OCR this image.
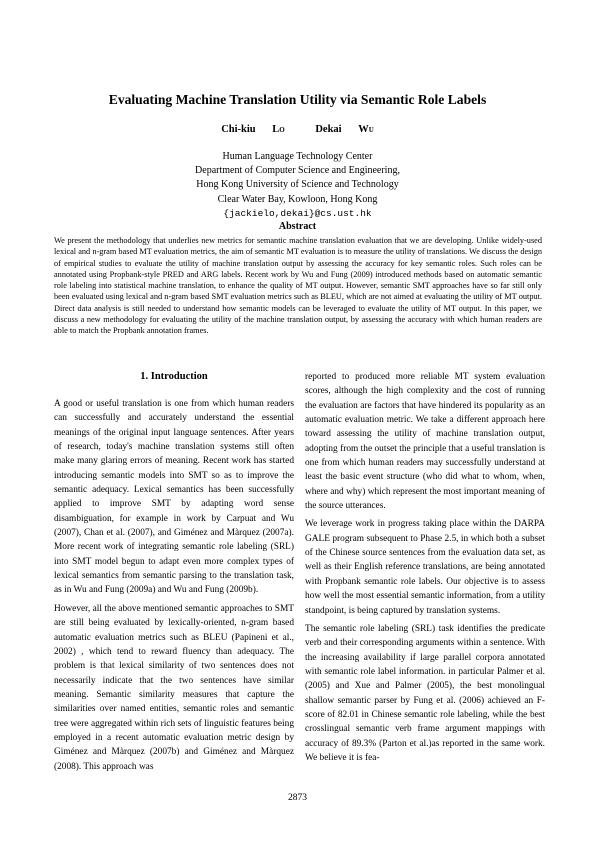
Evaluating Machine Translation Utility via Semantic Role Labels
Chi-kiu Lo	Dekai Wu
Human Language Technology Center
Department of Computer Science and Engineering,
Hong Kong University of Science and Technology
Clear Water Bay, Kowloon, Hong Kong
{jackielo,dekai}@cs.ust.hk
Abstract
We present the methodology that underlies new metrics for semantic machine translation evaluation that we are developing. Unlike widely-used lexical and n-gram based MT evaluation metrics, the aim of semantic MT evaluation is to measure the utility of translations. We discuss the design of empirical studies to evaluate the utility of machine translation output by assessing the accuracy for key semantic roles. Such roles can be annotated using Propbank-style PRED and ARG labels. Recent work by Wu and Fung (2009) introduced methods based on automatic semantic role labeling into statistical machine translation, to enhance the quality of MT output. However, semantic SMT approaches have so far still only been evaluated using lexical and n-gram based SMT evaluation metrics such as BLEU, which are not aimed at evaluating the utility of MT output. Direct data analysis is still needed to understand how semantic models can be leveraged to evaluate the utility of MT output. In this paper, we discuss a new methodology for evaluating the utility of the machine translation output, by assessing the accuracy with which human readers are able to match the Propbank annotation frames.
1. Introduction

A good or useful translation is one from which human readers can successfully and accurately understand the essential meanings of the original input language sentences. After years of research, today's machine translation systems still often make many glaring errors of meaning. Recent work has started introducing semantic models into SMT so as to improve the semantic adequacy. Lexical semantics has been successfully applied to improve SMT by adapting word sense disambiguation, for example in work by Carpuat and Wu (2007), Chan et al. (2007), and Giménez and Màrquez (2007a). More recent work of integrating semantic role labeling (SRL) into SMT model begun to adapt even more complex types of lexical semantics from semantic parsing to the translation task, as in Wu and Fung (2009a) and Wu and Fung (2009b).

However, all the above mentioned semantic approaches to SMT are still being evaluated by lexically-oriented, n-gram based automatic evaluation metrics such as BLEU (Papineni et al., 2002) , which tend to reward fluency than adequacy. The problem is that lexical similarity of two sentences does not necessarily indicate that the two sentences have similar meaning. Semantic similarity measures that capture the similarities over named entities, semantic roles and semantic tree were aggregated within rich sets of linguistic features being employed in a recent automatic evaluation metric design by Giménez and Màrquez (2007b) and Giménez and Màrquez (2008). This approach was

reported to produced more reliable MT system evaluation scores, although the high complexity and the cost of running the evaluation are factors that have hindered its popularity as an automatic evaluation metric. We take a different approach here toward assessing the utility of machine translation output, adopting from the outset the principle that a useful translation is one from which human readers may successfully understand at least the basic event structure (who did what to whom, when, where and why) which represent the most important meaning of the source utterances.

We leverage work in progress taking place within the DARPA GALE program subsequent to Phase 2.5, in which both a subset of the Chinese source sentences from the evaluation data set, as well as their English reference translations, are being annotated with Propbank semantic role labels. Our objective is to assess how well the most essential semantic information, from a utility standpoint, is being captured by translation systems.

The semantic role labeling (SRL) task identifies the predicate verb and their corresponding arguments within a sentence. With the increasing availability if large parallel corpora annotated with semantic role label information. in particular Palmer et al. (2005) and Xue and Palmer (2005), the best monolingual shallow semantic parser by Fung et al. (2006) achieved an F-score of 82.01 in Chinese semantic role labeling, while the best crosslingual semantic verb frame argument mappings with accuracy of 89.3% (Parton et al.)as reported in the same work. We believe it is fea-

2873
